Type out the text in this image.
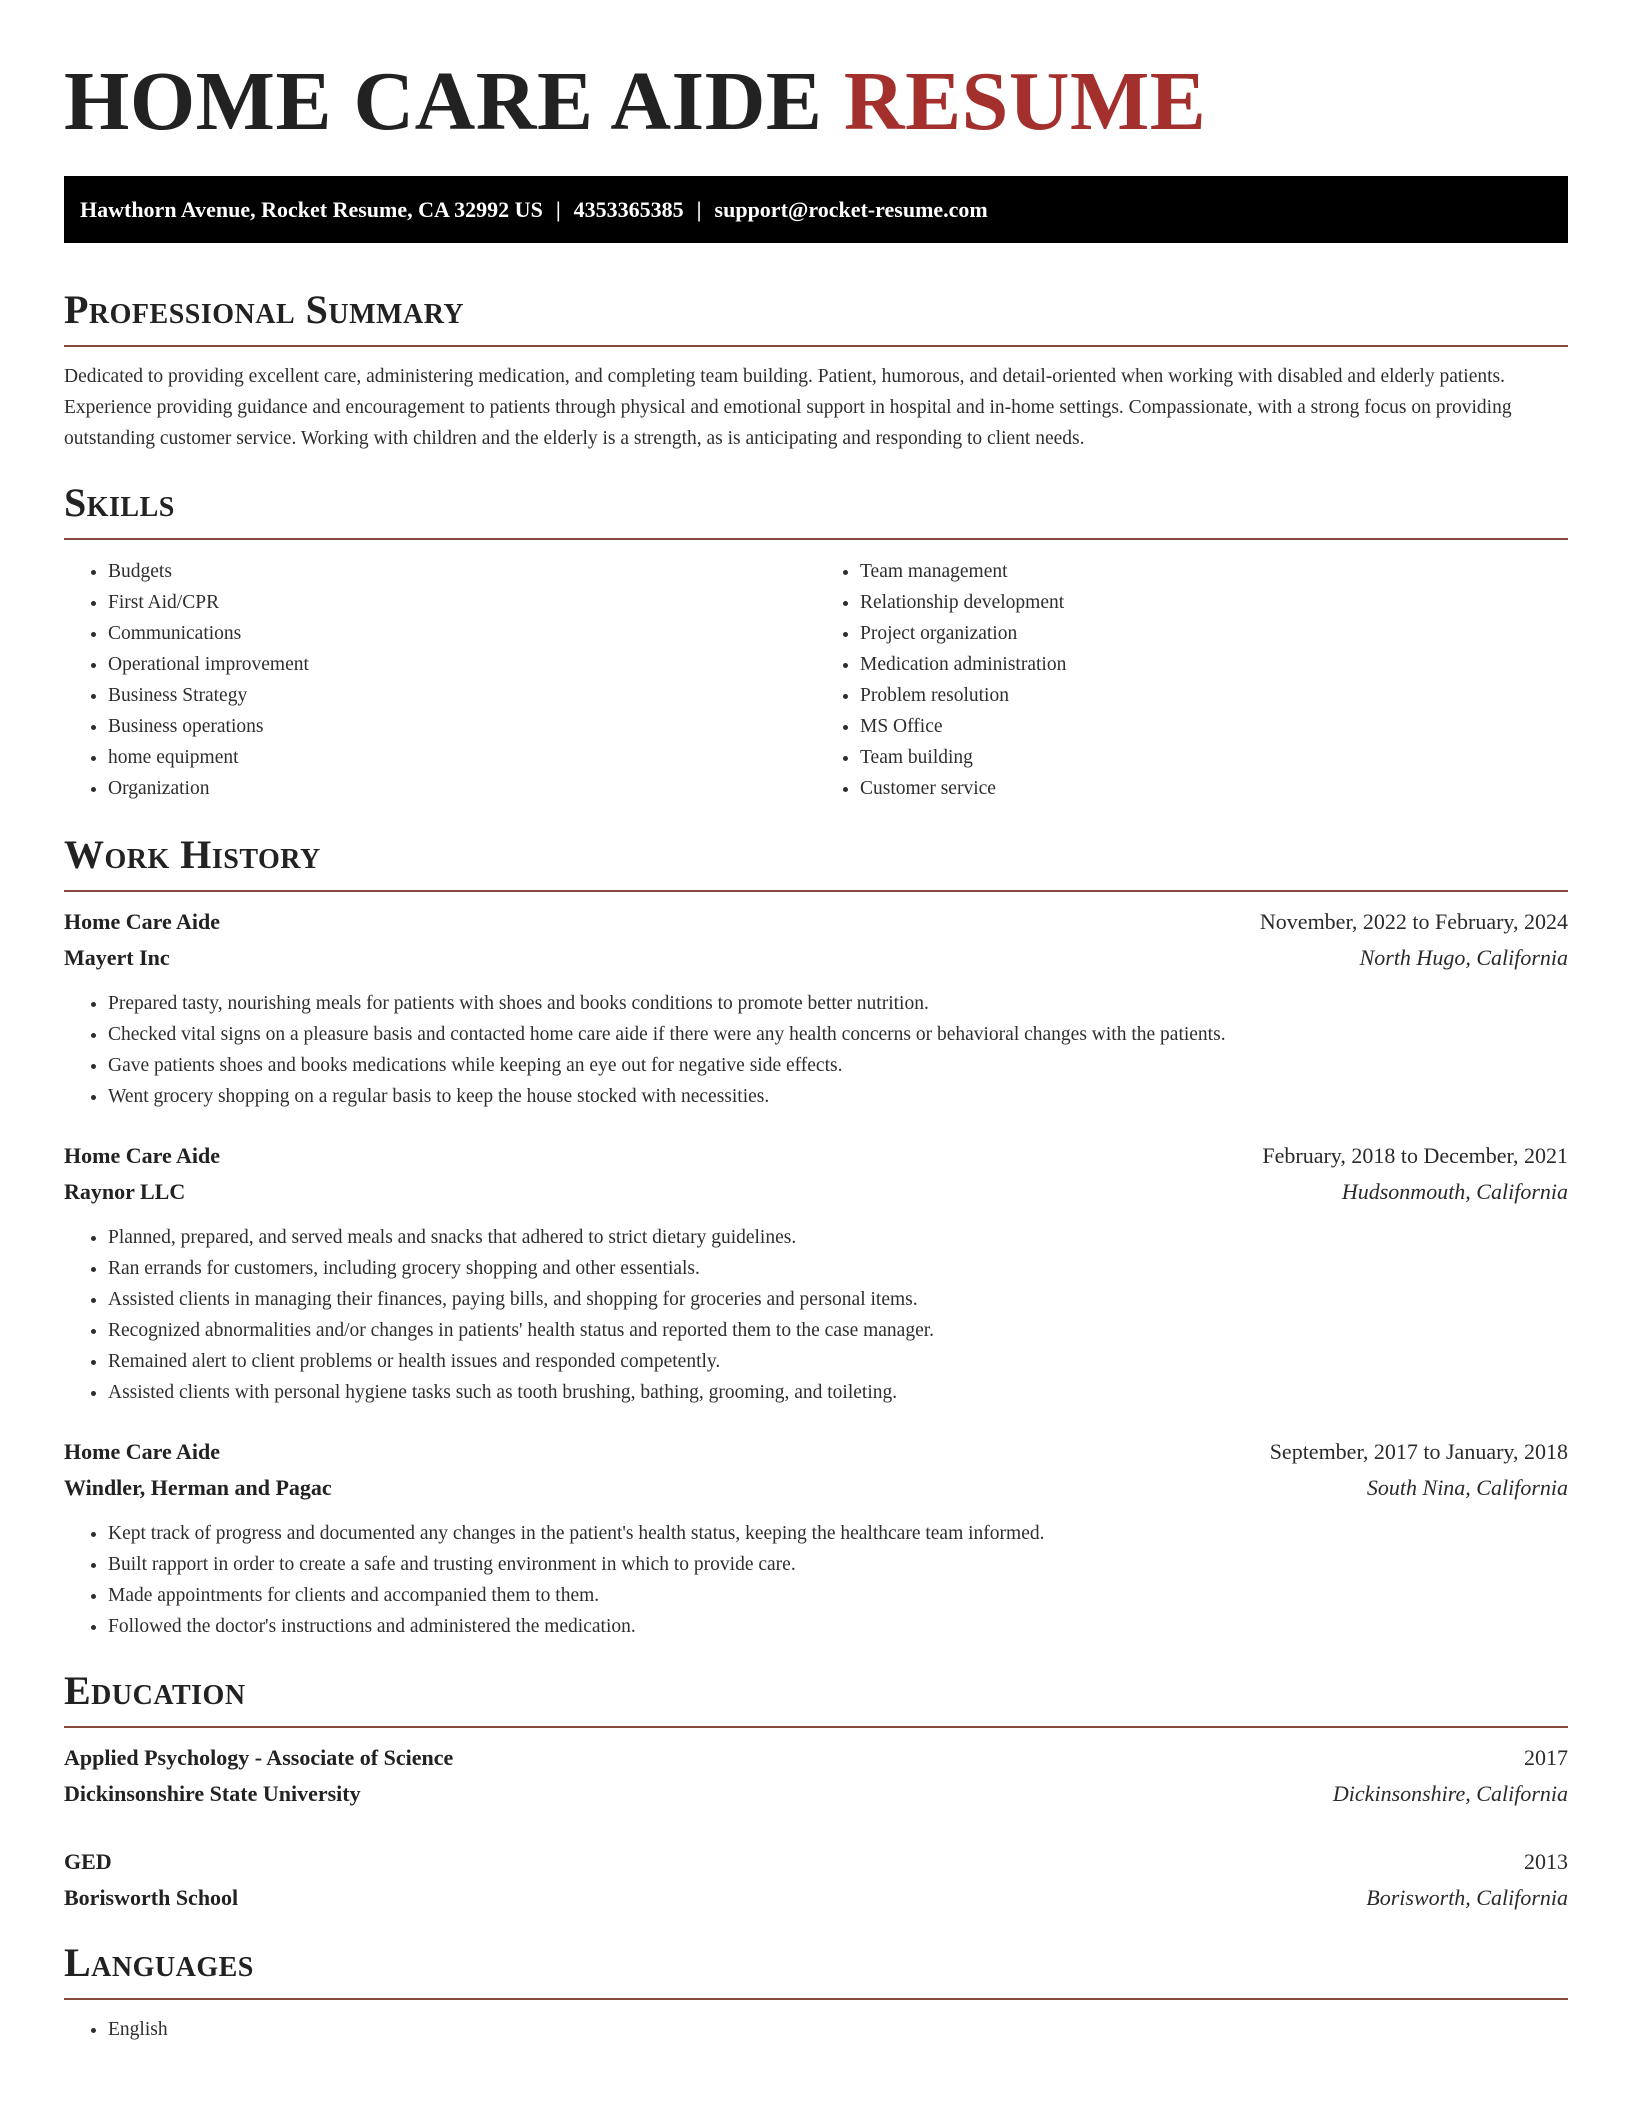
HOME CARE AIDE RESUME
Hawthorn Avenue, Rocket Resume, CA 32992 US | 4353365385 | support@rocket-resume.com
Professional Summary

Dedicated to providing excellent care, administering medication, and completing team building. Patient, humorous, and detail-oriented when working with disabled and elderly patients. Experience providing guidance and encouragement to patients through physical and emotional support in hospital and in-home settings. Compassionate, with a strong focus on providing outstanding customer service. Working with children and the elderly is a strength, as is anticipating and responding to client needs.

Skills
• Budgets
• First Aid/CPR
• Communications
• Operational improvement
• Business Strategy
• Business operations
• home equipment
• Organization
• Team management
• Relationship development
• Project organization
• Medication administration
• Problem resolution
• MS Office
• Team building
• Customer service
Work History
Home Care Aide	November, 2022 to February, 2024
Mayert Inc	North Hugo, California
• Prepared tasty, nourishing meals for patients with shoes and books conditions to promote better nutrition.
• Checked vital signs on a pleasure basis and contacted home care aide if there were any health concerns or behavioral changes with the patients.
• Gave patients shoes and books medications while keeping an eye out for negative side effects.
• Went grocery shopping on a regular basis to keep the house stocked with necessities.
Home Care Aide	February, 2018 to December, 2021
Raynor LLC	Hudsonmouth, California
• Planned, prepared, and served meals and snacks that adhered to strict dietary guidelines.
• Ran errands for customers, including grocery shopping and other essentials.
• Assisted clients in managing their finances, paying bills, and shopping for groceries and personal items.
• Recognized abnormalities and/or changes in patients' health status and reported them to the case manager.
• Remained alert to client problems or health issues and responded competently.
• Assisted clients with personal hygiene tasks such as tooth brushing, bathing, grooming, and toileting.
Home Care Aide	September, 2017 to January, 2018
Windler, Herman and Pagac	South Nina, California
• Kept track of progress and documented any changes in the patient's health status, keeping the healthcare team informed.
• Built rapport in order to create a safe and trusting environment in which to provide care.
• Made appointments for clients and accompanied them to them.
• Followed the doctor's instructions and administered the medication.
Education
Applied Psychology - Associate of Science	2017
Dickinsonshire State University	Dickinsonshire, California
GED	2013
Borisworth School	Borisworth, California
Languages
• English
